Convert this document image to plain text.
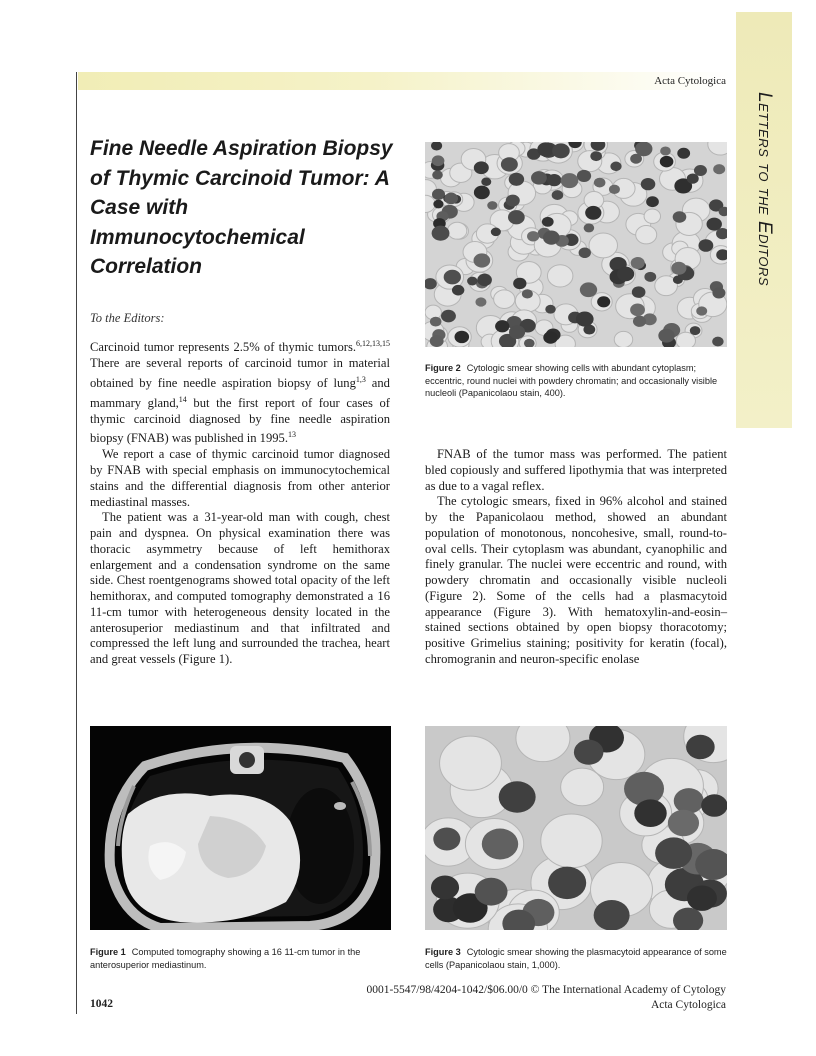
Acta Cytologica
Letters to the Editors
Fine Needle Aspiration Biopsy of Thymic Carcinoid Tumor: A Case with Immunocytochemical Correlation
To the Editors:

Carcinoid tumor represents 2.5% of thymic tumors.$^{6,12,13,15}$ There are several reports of carcinoid tumor in material obtained by fine needle aspiration biopsy of lung$^{1,3}$ and mammary gland,$^{14}$ but the first report of four cases of thymic carcinoid diagnosed by fine needle aspiration biopsy (FNAB) was published in 1995.13

We report a case of thymic carcinoid tumor diagnosed by FNAB with special emphasis on immunocytochemical stains and the differential diagnosis from other anterior mediastinal masses.

The patient was a 31-year-old man with cough, chest pain and dyspnea. On physical examination there was thoracic asymmetry because of left hemithorax enlargement and a condensation syndrome on the same side. Chest roentgenograms showed total opacity of the left hemithorax, and computed tomography demonstrated a 16 11-cm tumor with heterogeneous density located in the anterosuperior mediastinum and that infiltrated and compressed the left lung and surrounded the trachea, heart and great vessels (Figure 1).

FNAB of the tumor mass was performed. The patient bled copiously and suffered lipothymia that was interpreted as due to a vagal reflex.

The cytologic smears, fixed in 96% alcohol and stained by the Papanicolaou method, showed an abundant population of monotonous, noncohesive, small, round-to-oval cells. Their cytoplasm was abundant, cyanophilic and finely granular. The nuclei were eccentric and round, with powdery chromatin and occasionally visible nucleoli (Figure 2). Some of the cells had a plasmacytoid appearance (Figure 3). With hematoxylin-and-eosin–stained sections obtained by open biopsy thoracotomy; positive Grimelius staining; positivity for keratin (focal), chromogranin and neuron-specific enolase

Figure 2 Cytologic smear showing cells with abundant cytoplasm; eccentric, round nuclei with powdery chromatin; and occasionally visible nucleoli (Papanicolaou stain, 400).
Figure 1 Computed tomography showing a 16 11-cm tumor in the anterosuperior mediastinum.
Figure 3 Cytologic smear showing the plasmacytoid appearance of some cells (Papanicolaou stain, 1,000).
0001-5547/98/4204-1042/$06.00/0 © The International Academy of Cytology
Acta Cytologica
1042
